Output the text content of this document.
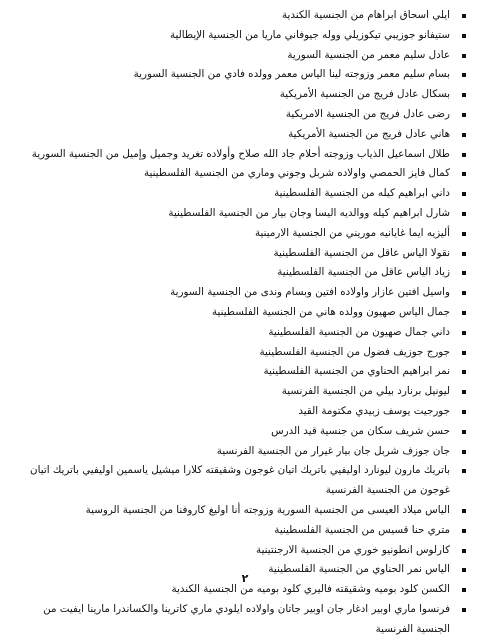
ايلي اسحاق ابراهام من الجنسية الكندية
ستيفانو جوزيبي تيكوزيلي ووله جيوفاني ماريا من الجنسية الإيطالية
عادل سليم معمر من الجنسية السورية
بسام سليم معمر وزوجته لينا الياس معمر وولده فادي من الجنسية السورية
بسكال عادل فريج من الجنسية الأمريكية
رضى عادل فريج من الجنسية الامريكية
هاني عادل فريج من الجنسية الأمريكية
طلال اسماعيل الذياب وزوجته أحلام جاد الله صلاح وأولاده تغريد وجميل وإميل من الجنسية السورية
كمال فايز الحمصي واولاده شربل وجوني وماري من الجنسية الفلسطينية
داني ابراهيم كيله من الجنسية الفلسطينية
شارل ابراهيم كيله ووالديه اليسا وجان بيار من الجنسية الفلسطينية
أليزيه ايما غايانيه موريني من الجنسية الارمينية
نقولا الياس عاقل من الجنسية الفلسطينية
زياد الياس عاقل من الجنسية الفلسطينية
واسيل افتين عازار واولاده افتين وبسام وندى من الجنسية السورية
جمال الياس صهيون وولده هاني من الجنسية الفلسطينية
داني جمال صهيون من الجنسية الفلسطينية
جورج جوزيف فضول من الجنسية الفلسطينية
نمر ابراهيم الحناوي من الجنسية الفلسطينية
ليونيل برنارد بيلي من الجنسية الفرنسية
جورجيت يوسف زبيدي مكتومة القيد
حسن شريف سكان من جنسية قيد الدرس
جان جوزف شربل جان بيار غيرار من الجنسية الفرنسية
باتريك مارون ليونارد اوليفيي باتريك اتيان غوجون وشقيقته كلارا ميشيل ياسمين اوليفيي باتريك اتيان غوجون من الجنسية الفرنسية
الياس ميلاد العيسى من الجنسية السورية وزوجته أنا اوليغ كاروفنا من الجنسية الروسية
متري حنا قسيس من الجنسية الفلسطينية
كارلوس انطونيو خوري من الجنسية الارجنتينية
الياس نمر الحناوي من الجنسية الفلسطينية
الكسن كلود بوميه وشقيقته فاليري كلود بوميه من الجنسية الكندية
فرنسوا ماري اوبير ادغار جان اوبير جاتان واولاده ايلودي ماري كاترينا والكساندرا مارينا ايفيت من الجنسية الفرنسية
٢
